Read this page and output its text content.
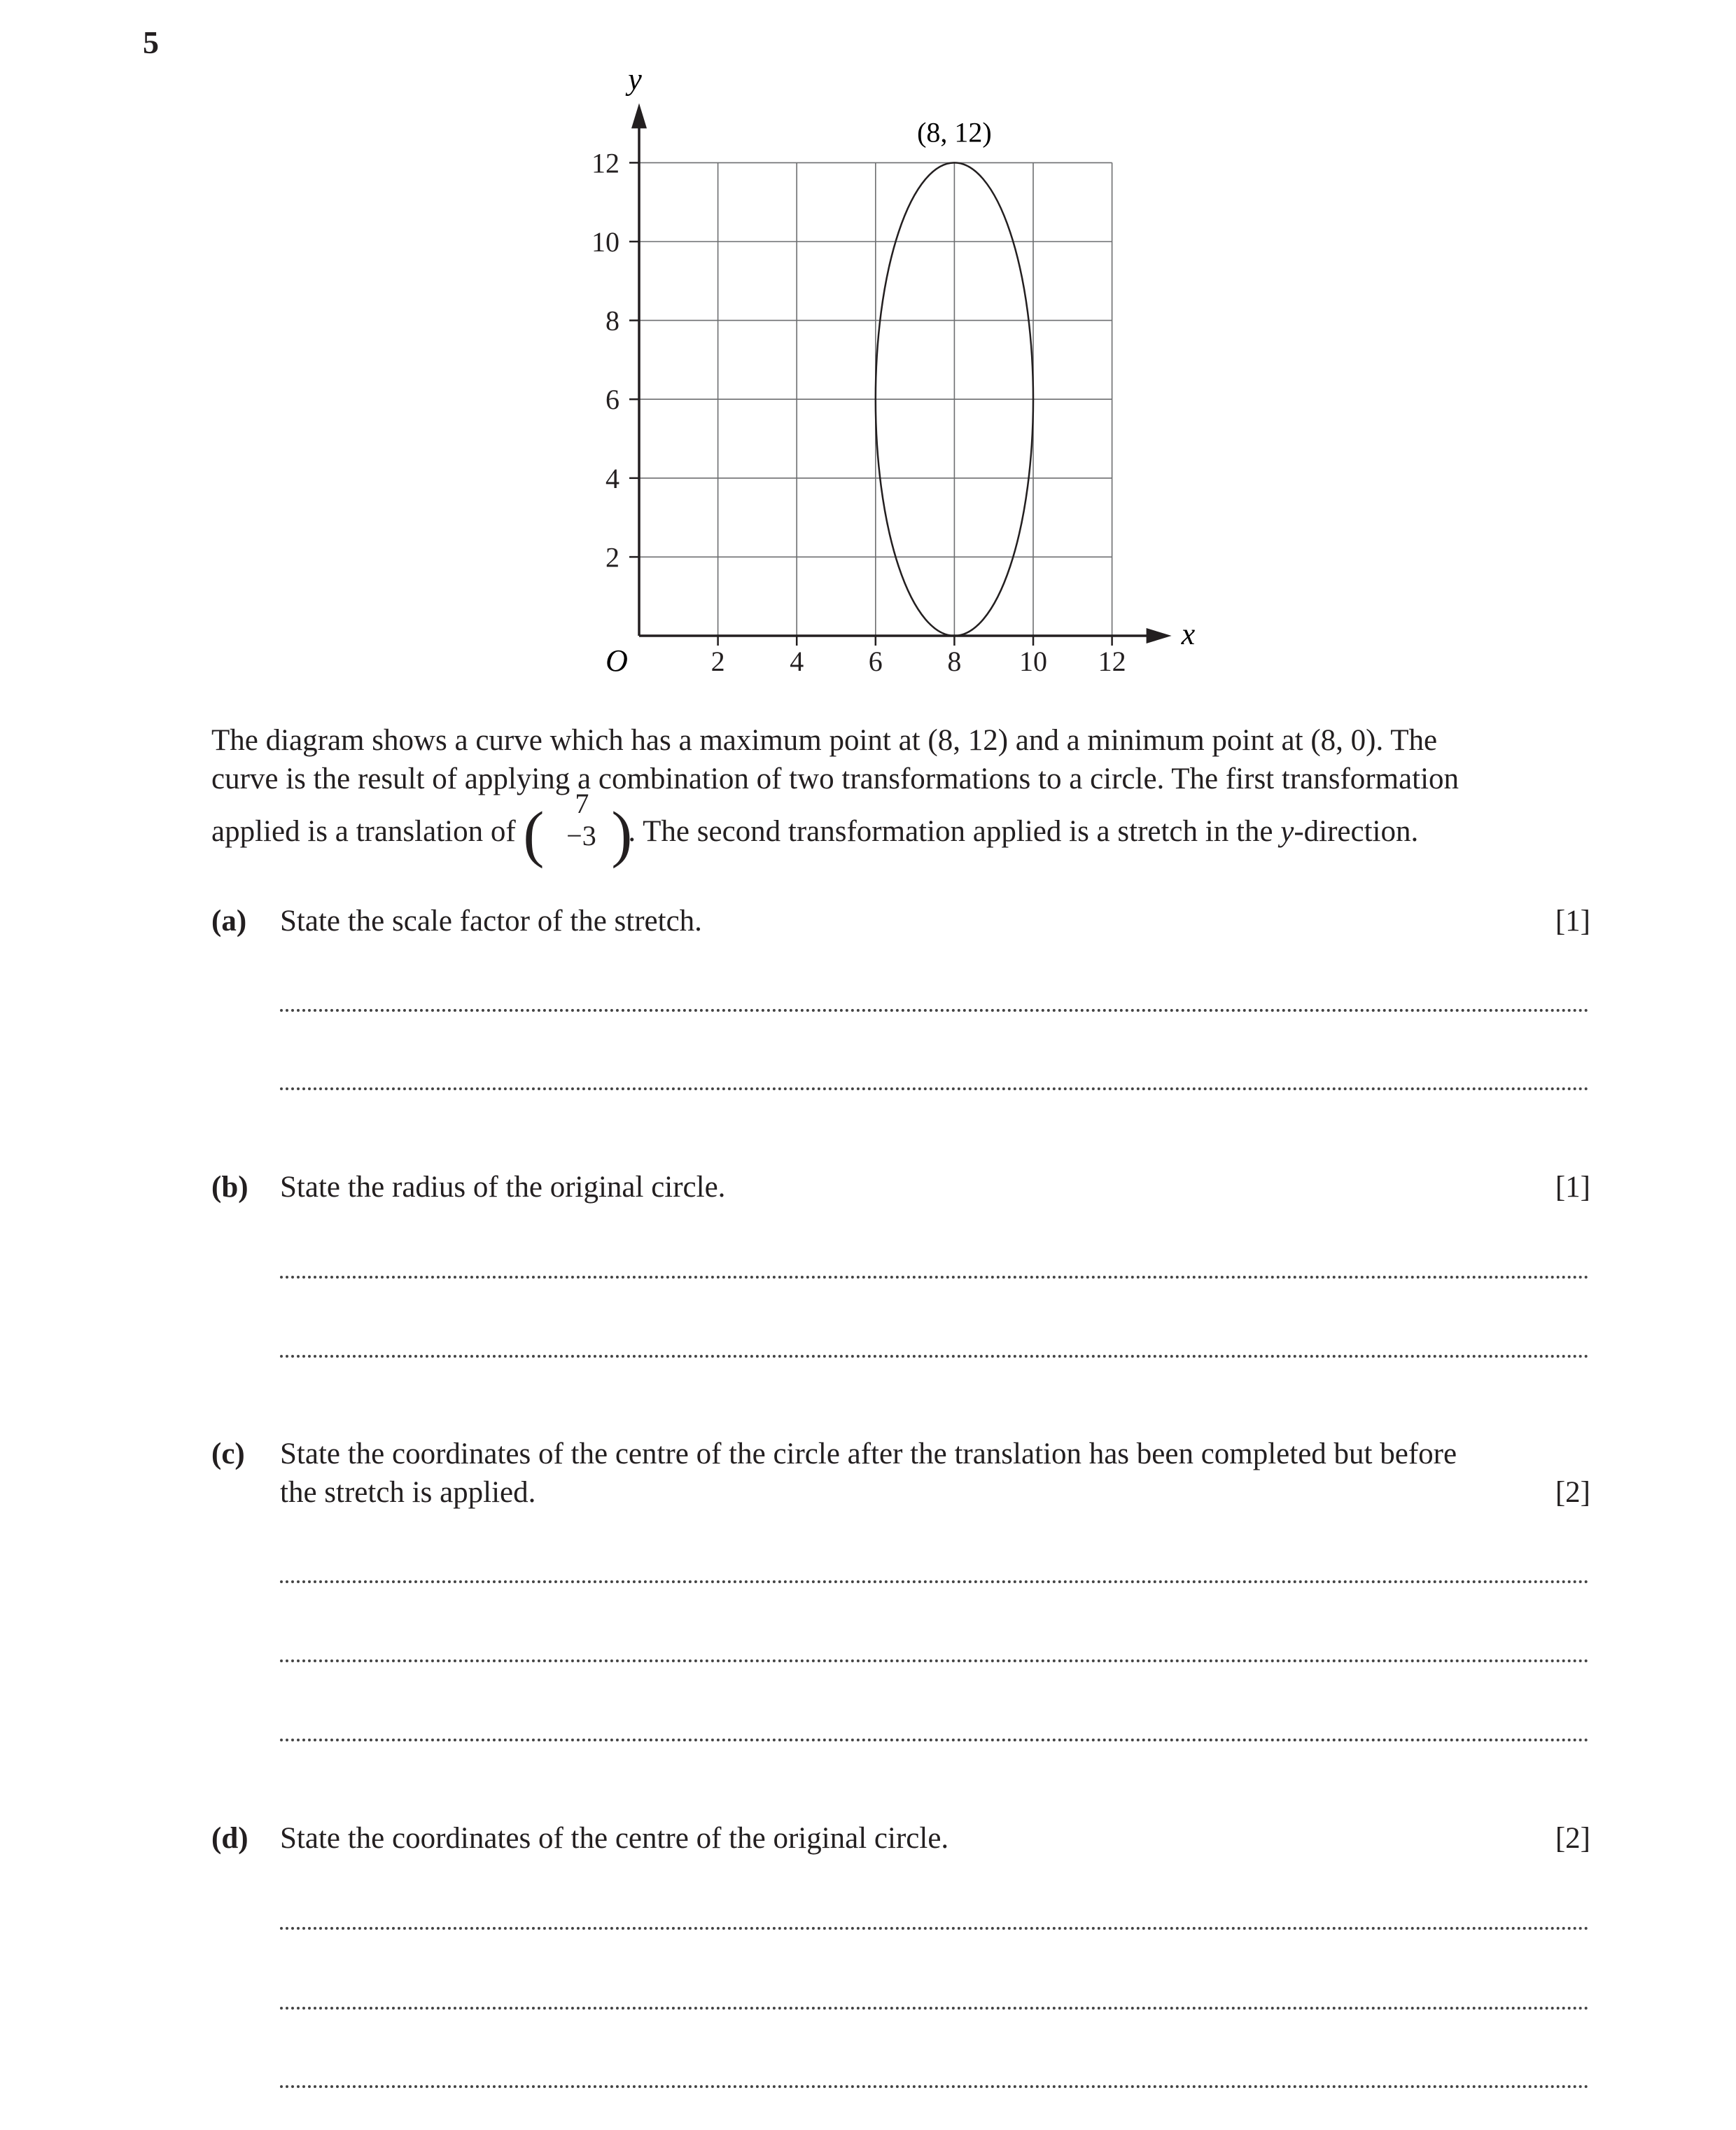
5
2 4 6 8 10 12
2
4
6
8
10
12
(8, 12)
x
y
O
The diagram shows a curve which has a maximum point at (8, 12) and a minimum point at (8, 0). The
curve is the result of applying a combination of two transformations to a circle. The first transformation
applied is a translation of (	7
−3 )
. The second transformation applied is a stretch in the y-direction.
(a) State the scale factor of the stretch.	[1]
(b) State the radius of the original circle.	[1]
(c) State the coordinates of the centre of the circle after the translation has been completed but before
the stretch is applied.	[2]
(d) State the coordinates of the centre of the original circle.	[2]
